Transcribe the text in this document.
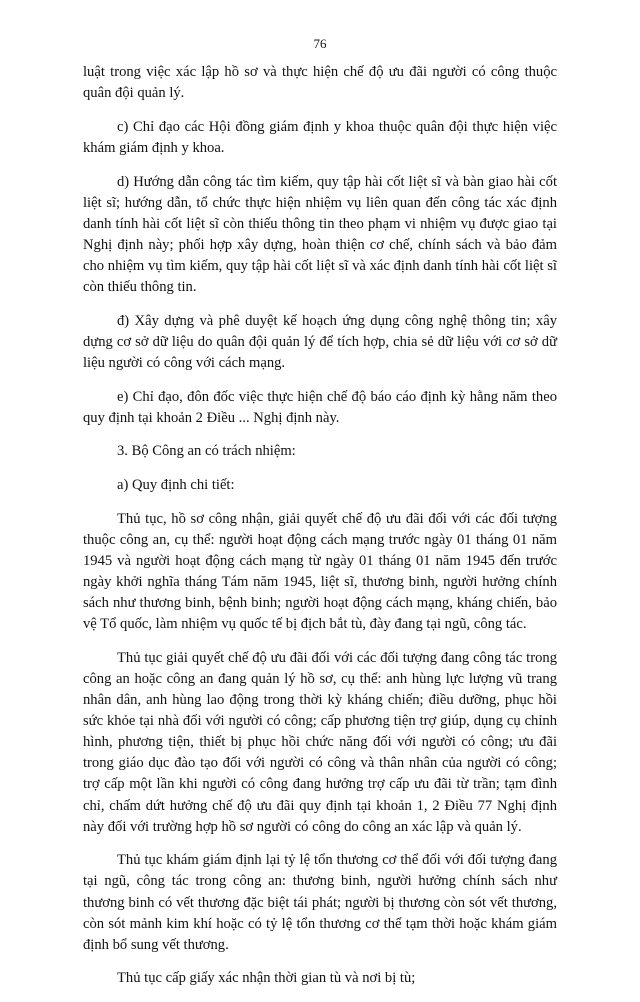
76

luật trong việc xác lập hồ sơ và thực hiện chế độ ưu đãi người có công thuộc quân đội quản lý.

c) Chỉ đạo các Hội đồng giám định y khoa thuộc quân đội thực hiện việc khám giám định y khoa.

d) Hướng dẫn công tác tìm kiếm, quy tập hài cốt liệt sĩ và bàn giao hài cốt liệt sĩ; hướng dẫn, tổ chức thực hiện nhiệm vụ liên quan đến công tác xác định danh tính hài cốt liệt sĩ còn thiếu thông tin theo phạm vi nhiệm vụ được giao tại Nghị định này; phối hợp xây dựng, hoàn thiện cơ chế, chính sách và bảo đảm cho nhiệm vụ tìm kiếm, quy tập hài cốt liệt sĩ và xác định danh tính hài cốt liệt sĩ còn thiếu thông tin.

đ) Xây dựng và phê duyệt kế hoạch ứng dụng công nghệ thông tin; xây dựng cơ sở dữ liệu do quân đội quản lý để tích hợp, chia sẻ dữ liệu với cơ sở dữ liệu người có công với cách mạng.

e) Chỉ đạo, đôn đốc việc thực hiện chế độ báo cáo định kỳ hằng năm theo quy định tại khoản 2 Điều ... Nghị định này.

3. Bộ Công an có trách nhiệm:

a) Quy định chi tiết:

Thủ tục, hồ sơ công nhận, giải quyết chế độ ưu đãi đối với các đối tượng thuộc công an, cụ thể: người hoạt động cách mạng trước ngày 01 tháng 01 năm 1945 và người hoạt động cách mạng từ ngày 01 tháng 01 năm 1945 đến trước ngày khởi nghĩa tháng Tám năm 1945, liệt sĩ, thương binh, người hưởng chính sách như thương binh, bệnh binh; người hoạt động cách mạng, kháng chiến, bảo vệ Tổ quốc, làm nhiệm vụ quốc tế bị địch bắt tù, đày đang tại ngũ, công tác.

Thủ tục giải quyết chế độ ưu đãi đối với các đối tượng đang công tác trong công an hoặc công an đang quản lý hồ sơ, cụ thể: anh hùng lực lượng vũ trang nhân dân, anh hùng lao động trong thời kỳ kháng chiến; điều dưỡng, phục hồi sức khỏe tại nhà đối với người có công; cấp phương tiện trợ giúp, dụng cụ chỉnh hình, phương tiện, thiết bị phục hồi chức năng đối với người có công; ưu đãi trong giáo dục đào tạo đối với người có công và thân nhân của người có công; trợ cấp một lần khi người có công đang hưởng trợ cấp ưu đãi từ trần; tạm đình chỉ, chấm dứt hưởng chế độ ưu đãi quy định tại khoản 1, 2 Điều 77 Nghị định này đối với trường hợp hồ sơ người có công do công an xác lập và quản lý.

Thủ tục khám giám định lại tỷ lệ tổn thương cơ thể đối với đối tượng đang tại ngũ, công tác trong công an: thương binh, người hưởng chính sách như thương binh có vết thương đặc biệt tái phát; người bị thương còn sót vết thương, còn sót mảnh kim khí hoặc có tỷ lệ tổn thương cơ thể tạm thời hoặc khám giám định bổ sung vết thương.

Thủ tục cấp giấy xác nhận thời gian tù và nơi bị tù;
